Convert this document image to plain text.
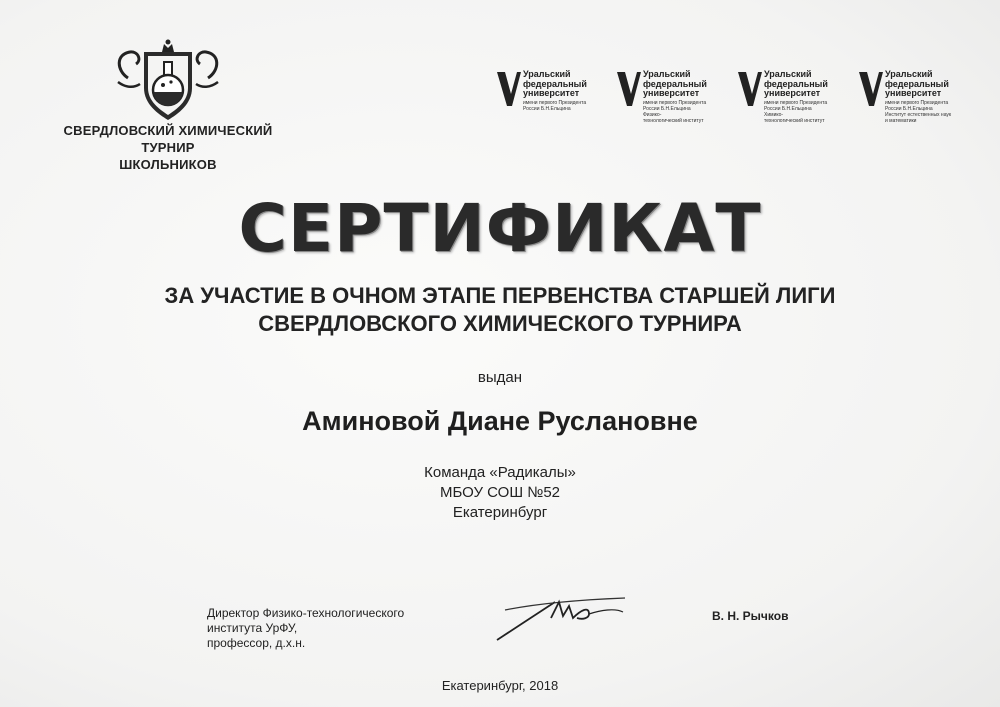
СВЕРДЛОВСКИЙ ХИМИЧЕСКИЙ ТУРНИР
ШКОЛЬНИКОВ
Уральский
федеральный
университет
имени первого Президента
России Б.Н.Ельцина
Уральский
федеральный
университет
имени первого Президента
России Б.Н.Ельцина
Физико-
технологический институт
Уральский
федеральный
университет
имени первого Президента
России Б.Н.Ельцина
Химико-
технологический институт
Уральский
федеральный
университет
имени первого Президента
России Б.Н.Ельцина
Институт естественных наук
и математики
СЕРТИФИКАТ
ЗА УЧАСТИЕ В ОЧНОМ ЭТАПЕ ПЕРВЕНСТВА СТАРШЕЙ ЛИГИ
СВЕРДЛОВСКОГО ХИМИЧЕСКОГО ТУРНИРА
выдан
Аминовой Диане Руслановне
Команда «Радикалы»
МБОУ СОШ №52
Екатеринбург
Директор Физико-технологического
института УрФУ,
профессор, д.х.н.
В. Н. Рычков
Екатеринбург, 2018
